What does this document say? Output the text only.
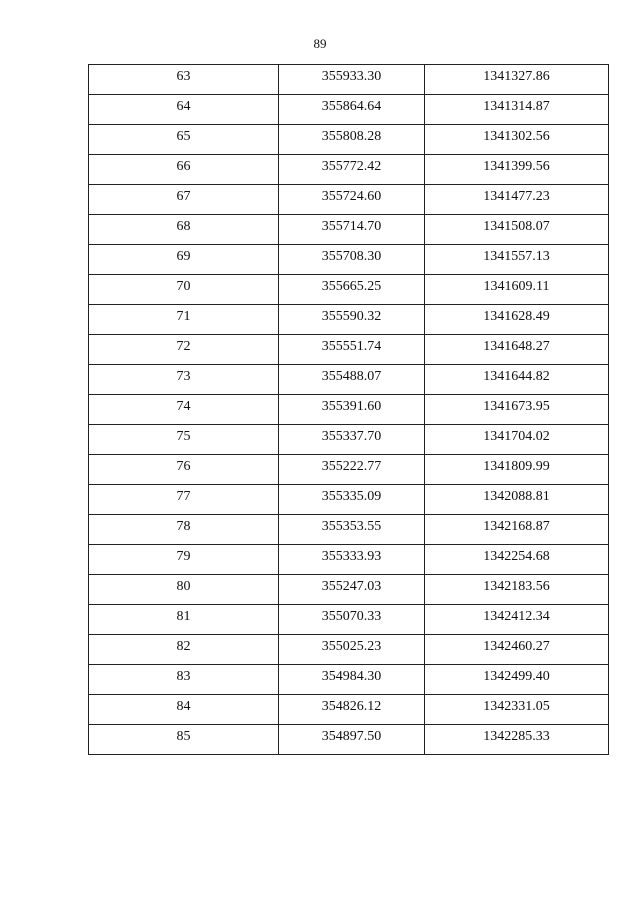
89
63	355933.30	1341327.86
64	355864.64	1341314.87
65	355808.28	1341302.56
66	355772.42	1341399.56
67	355724.60	1341477.23
68	355714.70	1341508.07
69	355708.30	1341557.13
70	355665.25	1341609.11
71	355590.32	1341628.49
72	355551.74	1341648.27
73	355488.07	1341644.82
74	355391.60	1341673.95
75	355337.70	1341704.02
76	355222.77	1341809.99
77	355335.09	1342088.81
78	355353.55	1342168.87
79	355333.93	1342254.68
80	355247.03	1342183.56
81	355070.33	1342412.34
82	355025.23	1342460.27
83	354984.30	1342499.40
84	354826.12	1342331.05
85	354897.50	1342285.33
